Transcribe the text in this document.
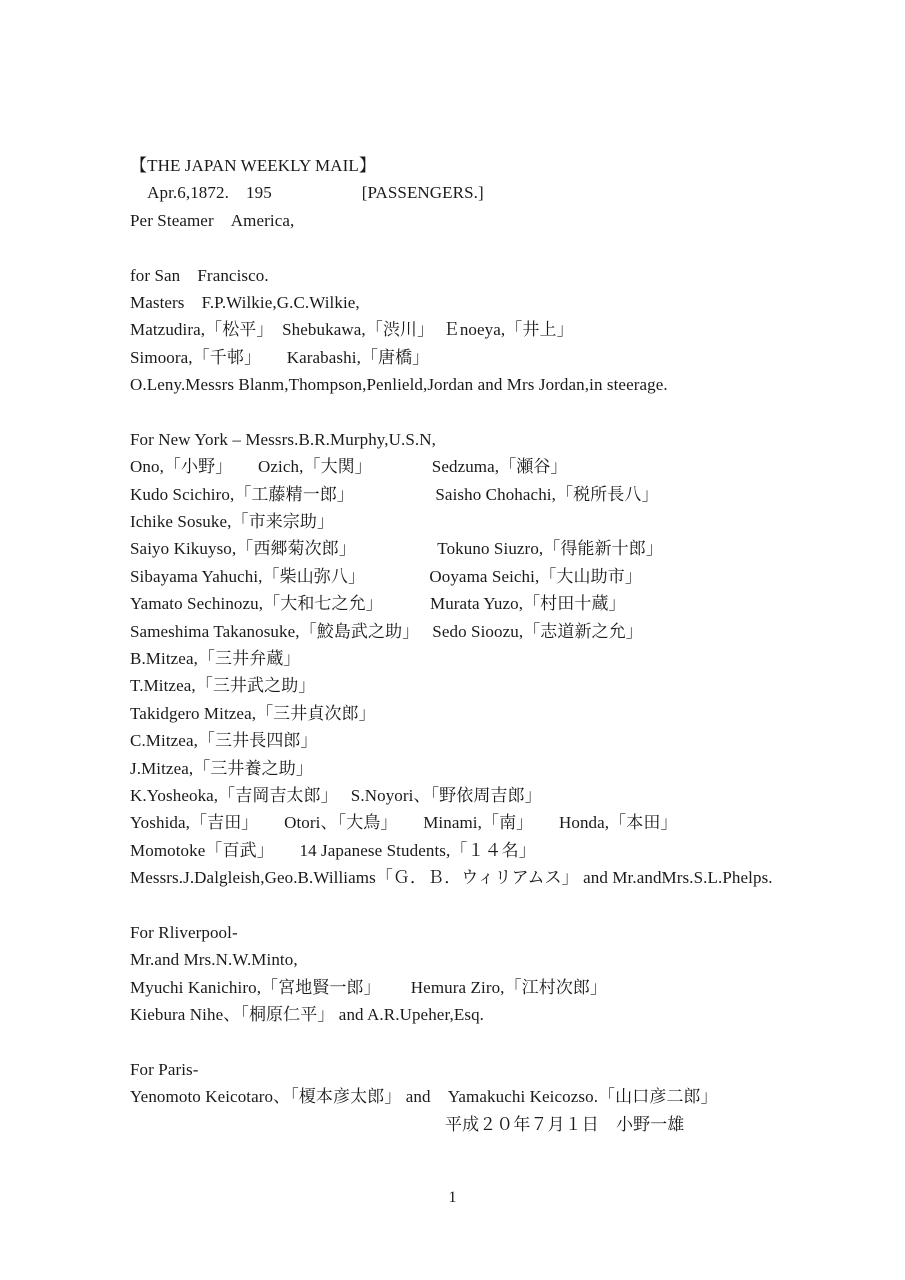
【THE JAPAN WEEKLY MAIL】
　Apr.6,1872.　195　　　　　 [PASSENGERS.]
Per Steamer　America,
for San　Francisco.
Masters　F.P.Wilkie,G.C.Wilkie,
Matzudira,「松平」　Shebukawa,「渋川」　Ｅnoeya,「井上」
Simoora,「千邨」　　Karabashi,「唐橋」
O.Leny.Messrs Blanm,Thompson,Penlield,Jordan and Mrs Jordan,in steerage.
For New York – Messrs.B.R.Murphy,U.S.N,
Ono,「小野」　　Ozich,「大関」　　　　Sedzuma,「瀬谷」
Kudo Scichiro,「工藤精一郎」　　　　　 Saisho Chohachi,「税所長八」
Ichike Sosuke,「市来宗助」
Saiyo Kikuyso,「西郷菊次郎」　　　　　 Tokuno Siuzro,「得能新十郎」
Sibayama Yahuchi,「柴山弥八」　　　　 Ooyama Seichi,「大山助市」
Yamato Sechinozu,「大和七之允」　　　 Murata Yuzo,「村田十蔵」
Sameshima Takanosuke,「鮫島武之助」　 Sedo Sioozu,「志道新之允」
B.Mitzea,「三井弁蔵」
T.Mitzea,「三井武之助」
Takidgero Mitzea,「三井貞次郎」
C.Mitzea,「三井長四郎」
J.Mitzea,「三井養之助」
K.Yosheoka,「吉岡吉太郎」　 S.Noyori、「野依周吉郎」
Yoshida,「吉田」　　Otori、「大鳥」　　Minami,「南」　　Honda,「本田」
Momotoke「百武」　　14 Japanese Students,「１４名」
Messrs.J.Dalgleish,Geo.B.Williams「Ｇ．Ｂ．ウィリアムス」 and Mr.andMrs.S.L.Phelps.
For Rliverpool-
Mr.and Mrs.N.W.Minto,
Myuchi Kanichiro,「宮地賢一郎」　　 Hemura Ziro,「江村次郎」
Kiebura Nihe、「桐原仁平」 and A.R.Upeher,Esq.
For Paris-
Yenomoto Keicotaro、「榎本彦太郎」 and　Yamakuchi Keicozso.「山口彦二郎」
平成２０年７月１日　小野一雄
1
